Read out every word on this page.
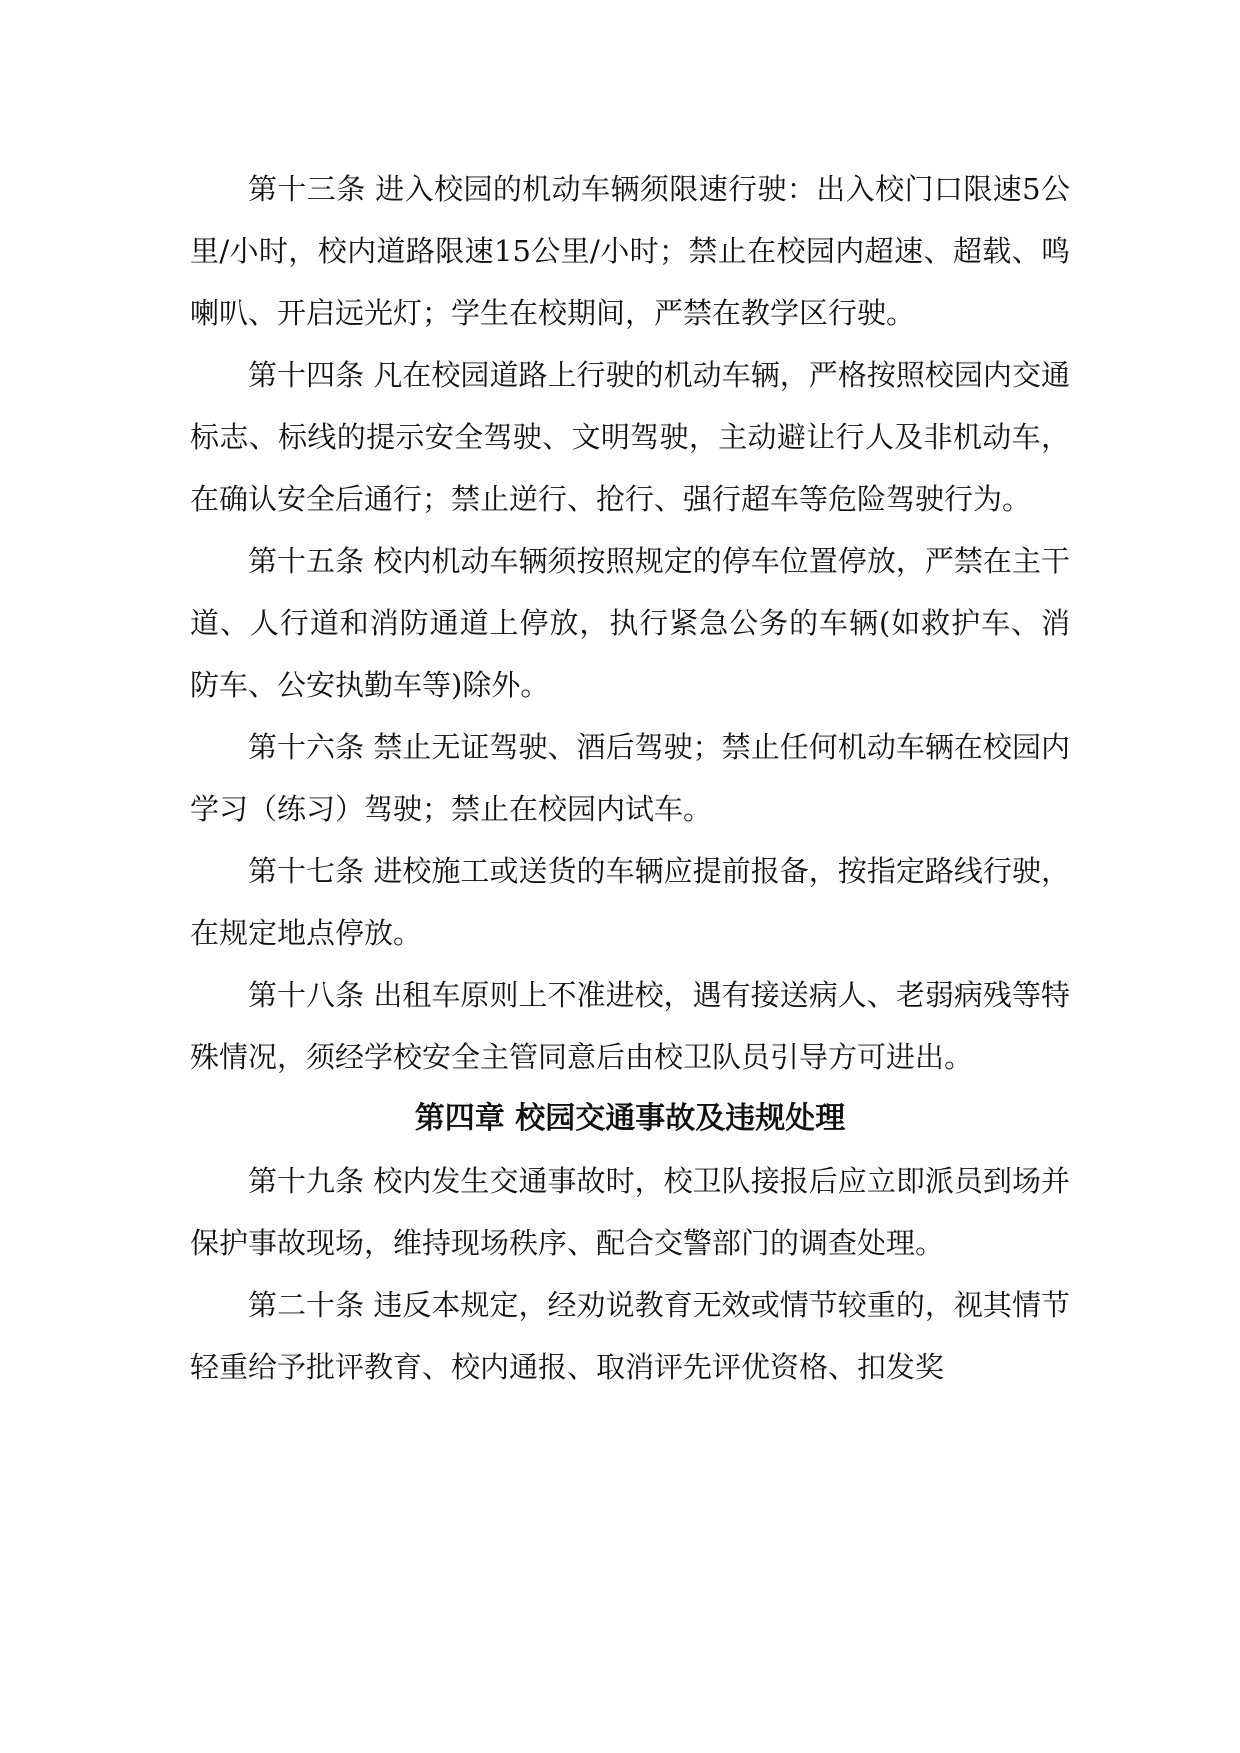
第十三条 进入校园的机动车辆须限速行驶：出入校门口限速5公里/小时，校内道路限速15公里/小时；禁止在校园内超速、超载、鸣喇叭、开启远光灯；学生在校期间，严禁在教学区行驶。

第十四条 凡在校园道路上行驶的机动车辆，严格按照校园内交通标志、标线的提示安全驾驶、文明驾驶，主动避让行人及非机动车，在确认安全后通行；禁止逆行、抢行、强行超车等危险驾驶行为。

第十五条 校内机动车辆须按照规定的停车位置停放，严禁在主干道、人行道和消防通道上停放，执行紧急公务的车辆(如救护车、消防车、公安执勤车等)除外。

第十六条 禁止无证驾驶、酒后驾驶；禁止任何机动车辆在校园内学习（练习）驾驶；禁止在校园内试车。

第十七条 进校施工或送货的车辆应提前报备，按指定路线行驶，在规定地点停放。

第十八条 出租车原则上不准进校，遇有接送病人、老弱病残等特殊情况，须经学校安全主管同意后由校卫队员引导方可进出。

第四章 校园交通事故及违规处理

第十九条 校内发生交通事故时，校卫队接报后应立即派员到场并保护事故现场，维持现场秩序、配合交警部门的调查处理。

第二十条 违反本规定，经劝说教育无效或情节较重的，视其情节轻重给予批评教育、校内通报、取消评先评优资格、扣发奖
